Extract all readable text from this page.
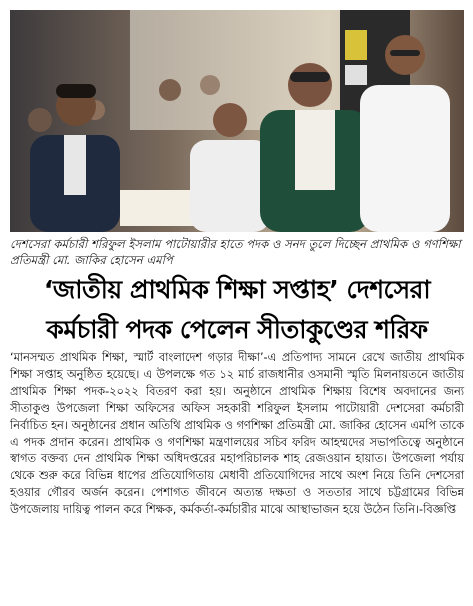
দেশসেরা কর্মচারী শরিফুল ইসলাম পাটোয়ারীর হাতে পদক ও সনদ তুলে দিচ্ছেন প্রাথমিক ও গণশিক্ষা প্রতিমন্ত্রী মো. জাকির হোসেন এমপি

‘জাতীয় প্রাথমিক শিক্ষা সপ্তাহ’ দেশসেরা
কর্মচারী পদক পেলেন সীতাকুণ্ডের শরিফ

‘মানসম্মত প্রাথমিক শিক্ষা, স্মার্ট বাংলাদেশ গড়ার দীক্ষা’-এ প্রতিপাদ্য সামনে রেখে জাতীয় প্রাথমিক শিক্ষা সপ্তাহ অনুষ্ঠিত হয়েছে। এ উপলক্ষে গত ১২ মার্চ রাজধানীর ওসমানী স্মৃতি মিলনায়তনে জাতীয় প্রাথমিক শিক্ষা পদক-২০২২ বিতরণ করা হয়। অনুষ্ঠানে প্রাথমিক শিক্ষায় বিশেষ অবদানের জন্য সীতাকুণ্ড উপজেলা শিক্ষা অফিসের অফিস সহকারী শরিফুল ইসলাম পাটোয়ারী দেশসেরা কর্মচারী নির্বাচিত হন। অনুষ্ঠানের প্রধান অতিথি প্রাথমিক ও গণশিক্ষা প্রতিমন্ত্রী মো. জাকির হোসেন এমপি তাকে এ পদক প্রদান করেন। প্রাথমিক ও গণশিক্ষা মন্ত্রণালয়ের সচিব ফরিদ আহম্মদের সভাপতিত্বে অনুষ্ঠানে স্বাগত বক্তব্য দেন প্রাথমিক শিক্ষা অধিদপ্তরের মহাপরিচালক শাহ রেজওয়ান হায়াত। উপজেলা পর্যায় থেকে শুরু করে বিভিন্ন ধাপের প্রতিযোগিতায় মেধাবী প্রতিযোগিদের সাথে অংশ নিয়ে তিনি দেশসেরা হওয়ার গৌরব অর্জন করেন। পেশাগত জীবনে অত্যন্ত দক্ষতা ও সততার সাথে চট্টগ্রামের বিভিন্ন উপজেলায় দায়িত্ব পালন করে শিক্ষক, কর্মকর্তা-কর্মচারীর মাঝে আস্থাভাজন হয়ে উঠেন তিনি।-বিজ্ঞপ্তি
